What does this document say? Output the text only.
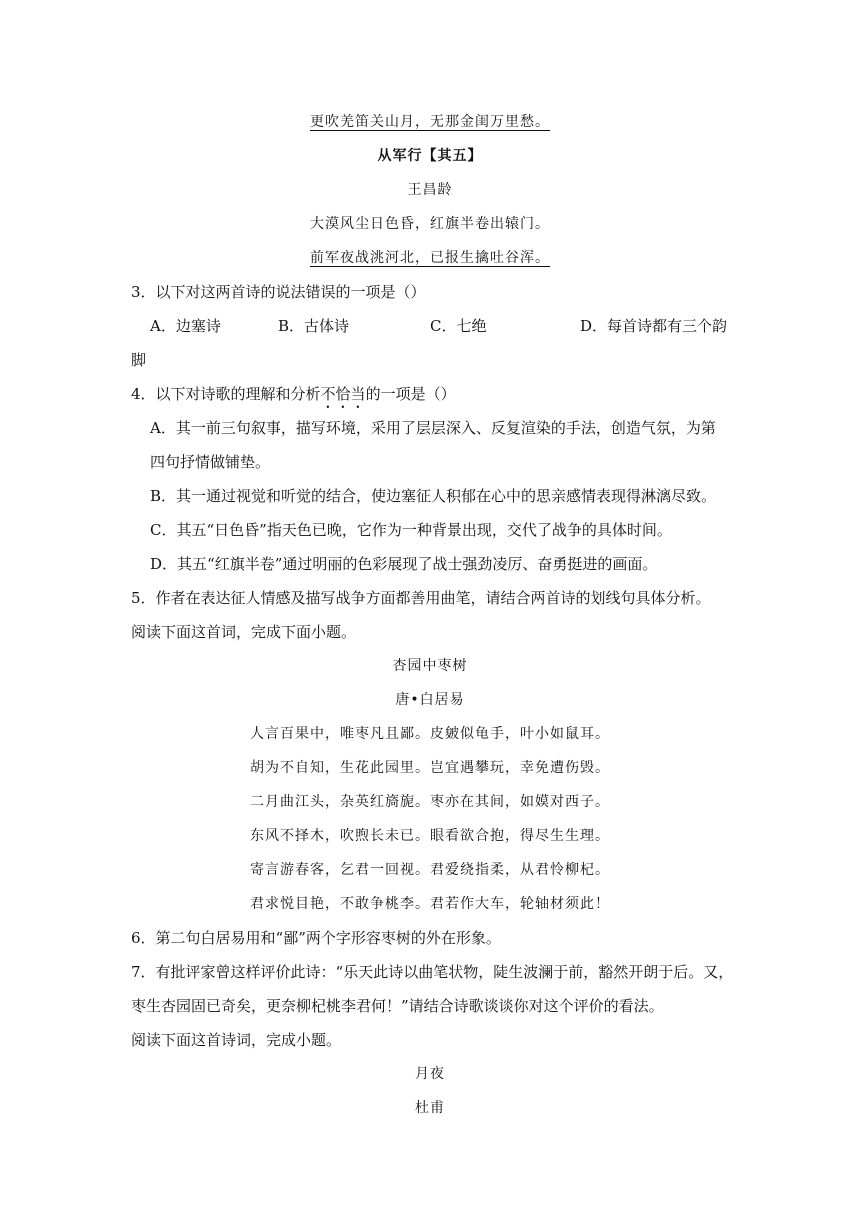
更吹羌笛关山月，无那金闺万里愁。
从军行【其五】
王昌龄
大漠风尘日色昏，红旗半卷出辕门。
前军夜战洮河北，已报生擒吐谷浑。
3．以下对这两首诗的说法错误的一项是（）
A．边塞诗	B．古体诗	C．七绝	D．每首诗都有三个韵
脚
4．以下对诗歌的理解和分析不恰当的一项是（）
A．其一前三句叙事，描写环境，采用了层层深入、反复渲染的手法，创造气氛，为第
四句抒情做铺垫。
B．其一通过视觉和听觉的结合，使边塞征人积郁在心中的思亲感情表现得淋漓尽致。
C．其五“日色昏”指天色已晚，它作为一种背景出现，交代了战争的具体时间。
D．其五“红旗半卷”通过明丽的色彩展现了战士强劲凌厉、奋勇挺进的画面。
5．作者在表达征人情感及描写战争方面都善用曲笔，请结合两首诗的划线句具体分析。
阅读下面这首词，完成下面小题。
杏园中枣树
唐•白居易
人言百果中，唯枣凡且鄙。皮皴似龟手，叶小如鼠耳。
胡为不自知，生花此园里。岂宜遇攀玩，幸免遭伤毁。
二月曲江头，杂英红旖旎。枣亦在其间，如嫫对西子。
东风不择木，吹煦长未已。眼看欲合抱，得尽生生理。
寄言游春客，乞君一回视。君爱绕指柔，从君怜柳杞。
君求悦目艳，不敢争桃李。君若作大车，轮轴材须此！
6．第二句白居易用和“鄙”两个字形容枣树的外在形象。
7．有批评家曾这样评价此诗：“乐天此诗以曲笔状物，陡生波澜于前，豁然开朗于后。又，
枣生杏园固已奇矣，更奈柳杞桃李君何！”请结合诗歌谈谈你对这个评价的看法。
阅读下面这首诗词，完成小题。
月夜
杜甫
